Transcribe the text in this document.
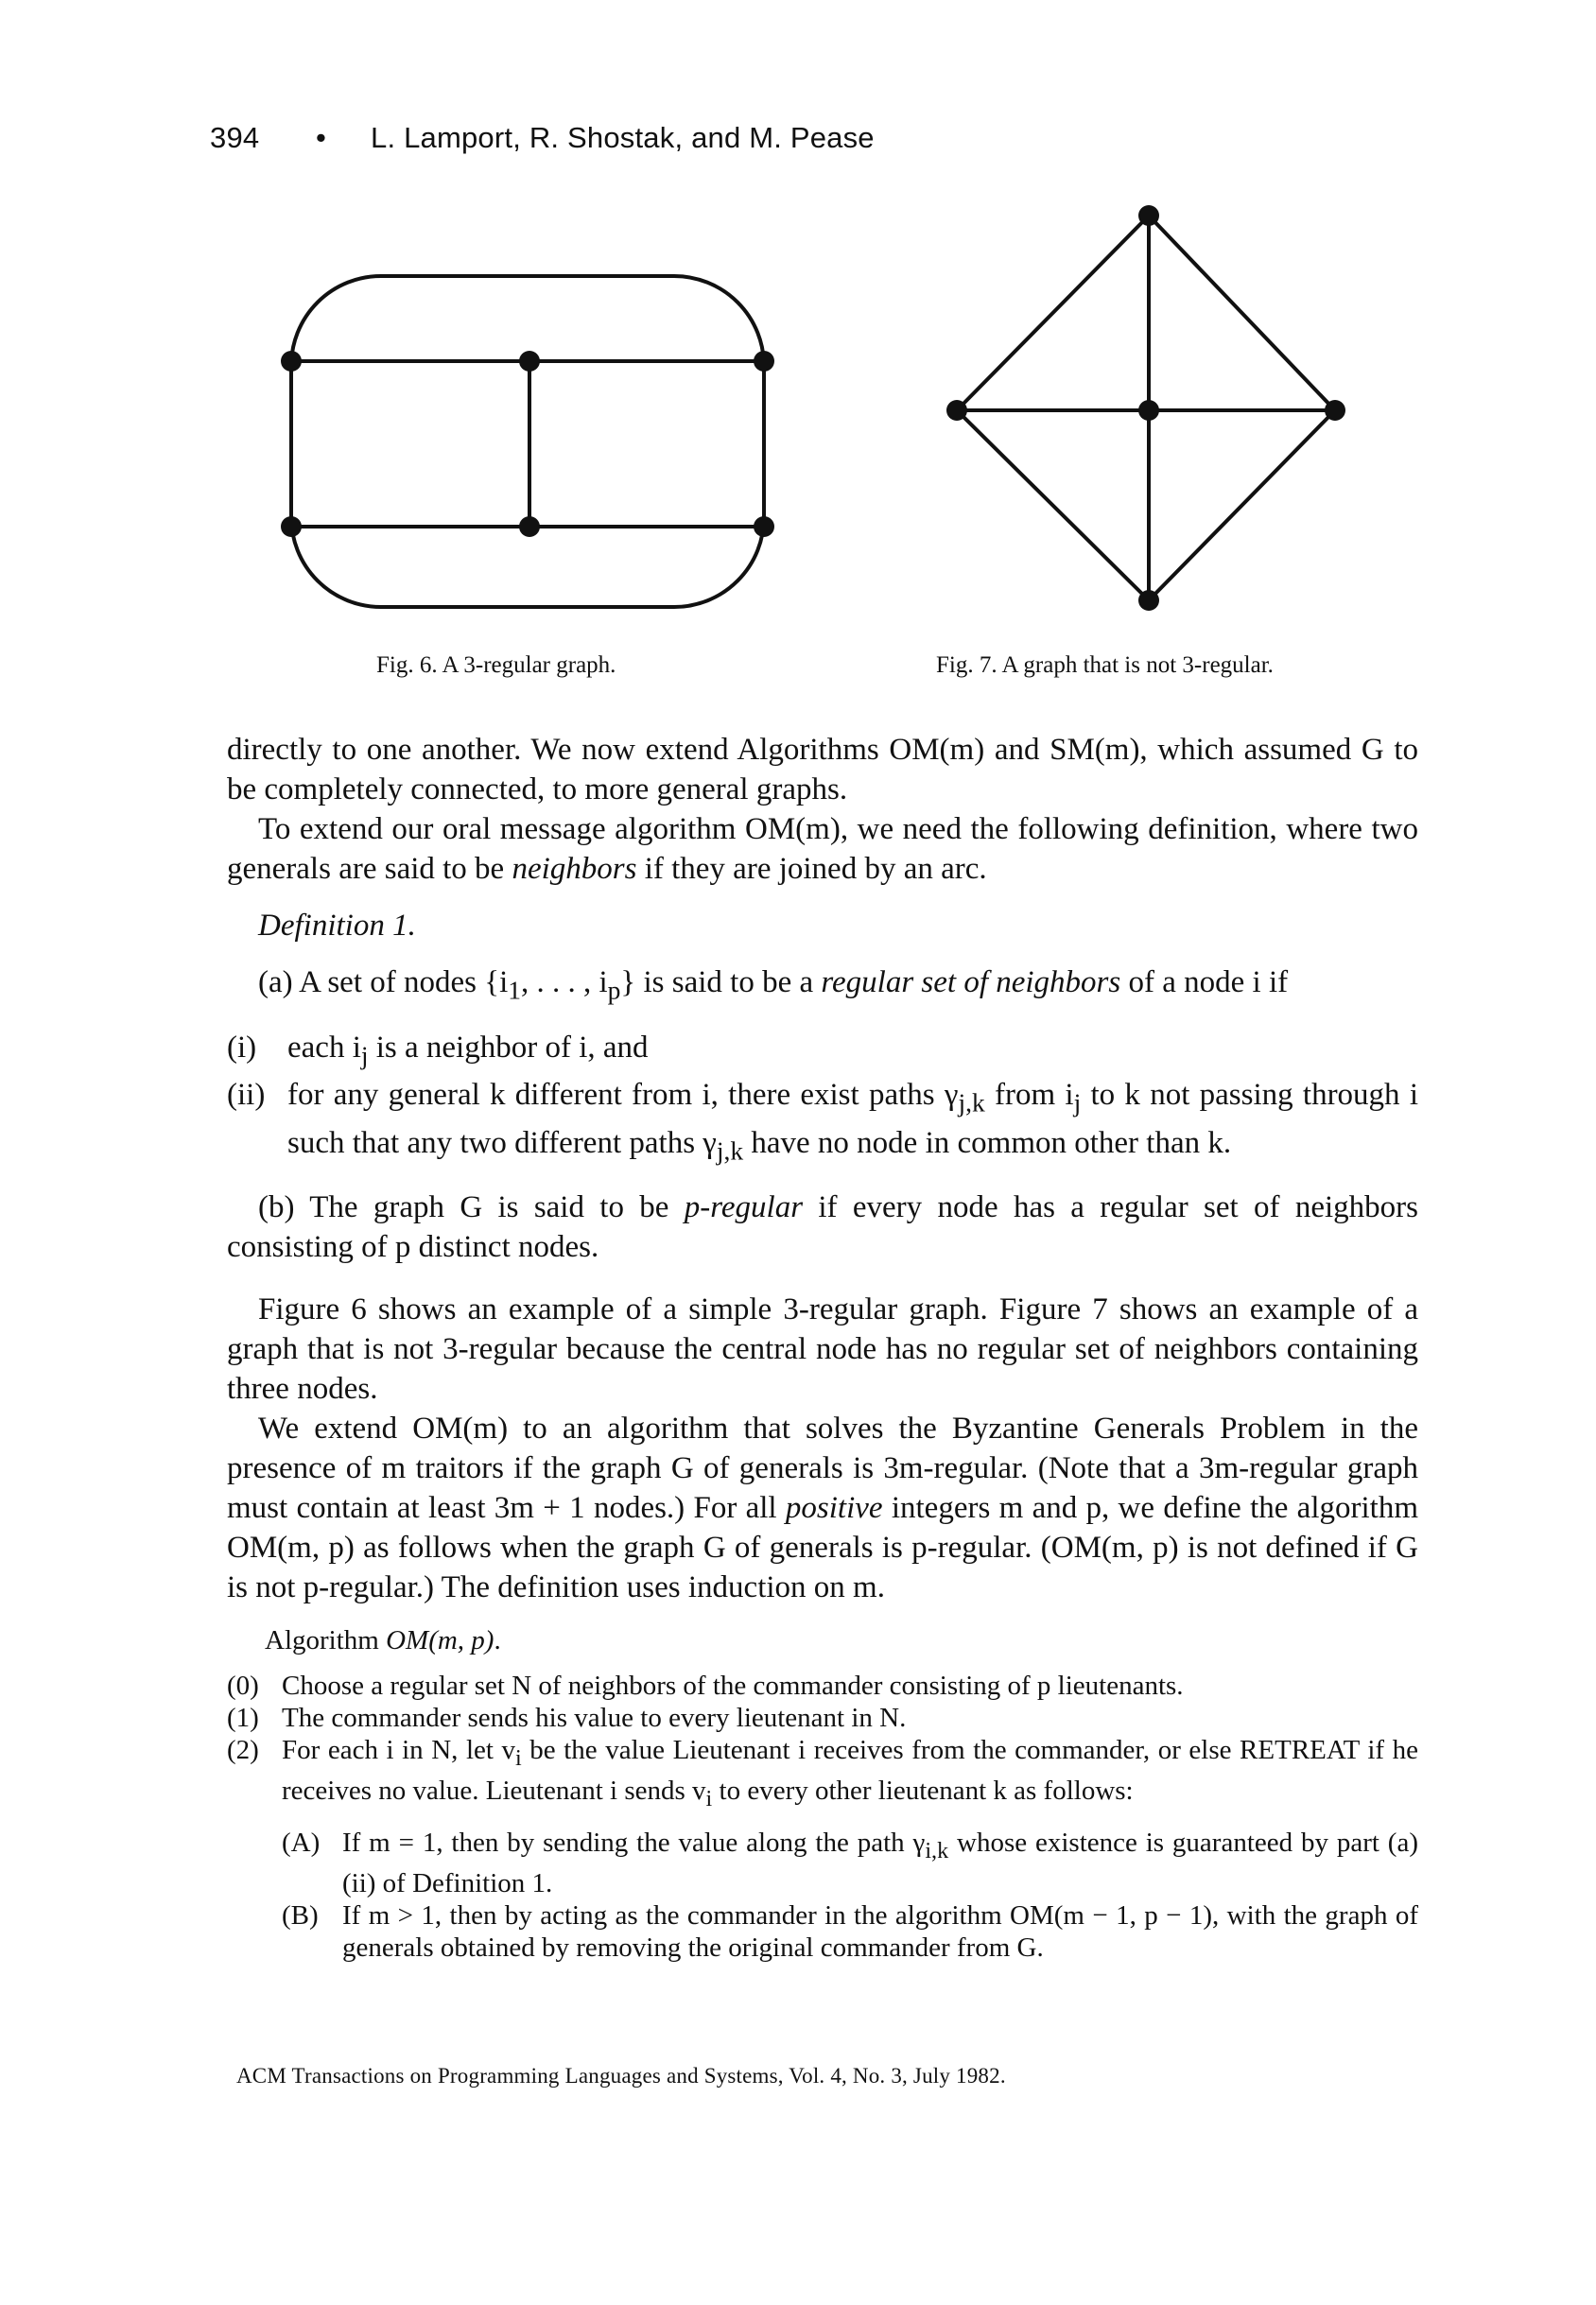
394 • L. Lamport, R. Shostak, and M. Pease
Fig. 6. A 3-regular graph.	Fig. 7. A graph that is not 3-regular.

directly to one another. We now extend Algorithms OM(m) and SM(m), which assumed G to be completely connected, to more general graphs.

To extend our oral message algorithm OM(m), we need the following definition, where two generals are said to be neighbors if they are joined by an arc.

Definition 1.

(a) A set of nodes {$i_1$, . . . , $i_p$} is said to be a regular set of neighbors of a node i if

(i) each $i_j$ is a neighbor of i, and
(ii) for any general k different from i, there exist paths $\gamma_{j,k}$ from $i_j$ to k not passing through i such that any two different paths $\gamma_{j,k}$ have no node in common other than k.

(b) The graph G is said to be p-regular if every node has a regular set of neighbors consisting of p distinct nodes.

Figure 6 shows an example of a simple 3-regular graph. Figure 7 shows an example of a graph that is not 3-regular because the central node has no regular set of neighbors containing three nodes.

We extend OM(m) to an algorithm that solves the Byzantine Generals Problem in the presence of m traitors if the graph G of generals is 3m-regular. (Note that a 3m-regular graph must contain at least 3m + 1 nodes.) For all positive integers m and p, we define the algorithm OM(m, p) as follows when the graph G of generals is p-regular. (OM(m, p) is not defined if G is not p-regular.) The definition uses induction on m.

Algorithm OM(m, p).

(0) Choose a regular set N of neighbors of the commander consisting of p lieutenants.
(1) The commander sends his value to every lieutenant in N.
(2) For each i in N, let $v_i$ be the value Lieutenant i receives from the commander, or else RETREAT if he receives no value. Lieutenant i sends $v_i$ to every other lieutenant k as follows:
(A) If m = 1, then by sending the value along the path $\gamma_{i,k}$ whose existence is guaranteed by part (a)(ii) of Definition 1.
(B) If m > 1, then by acting as the commander in the algorithm OM(m − 1, p − 1), with the graph of generals obtained by removing the original commander from G.
ACM Transactions on Programming Languages and Systems, Vol. 4, No. 3, July 1982.
